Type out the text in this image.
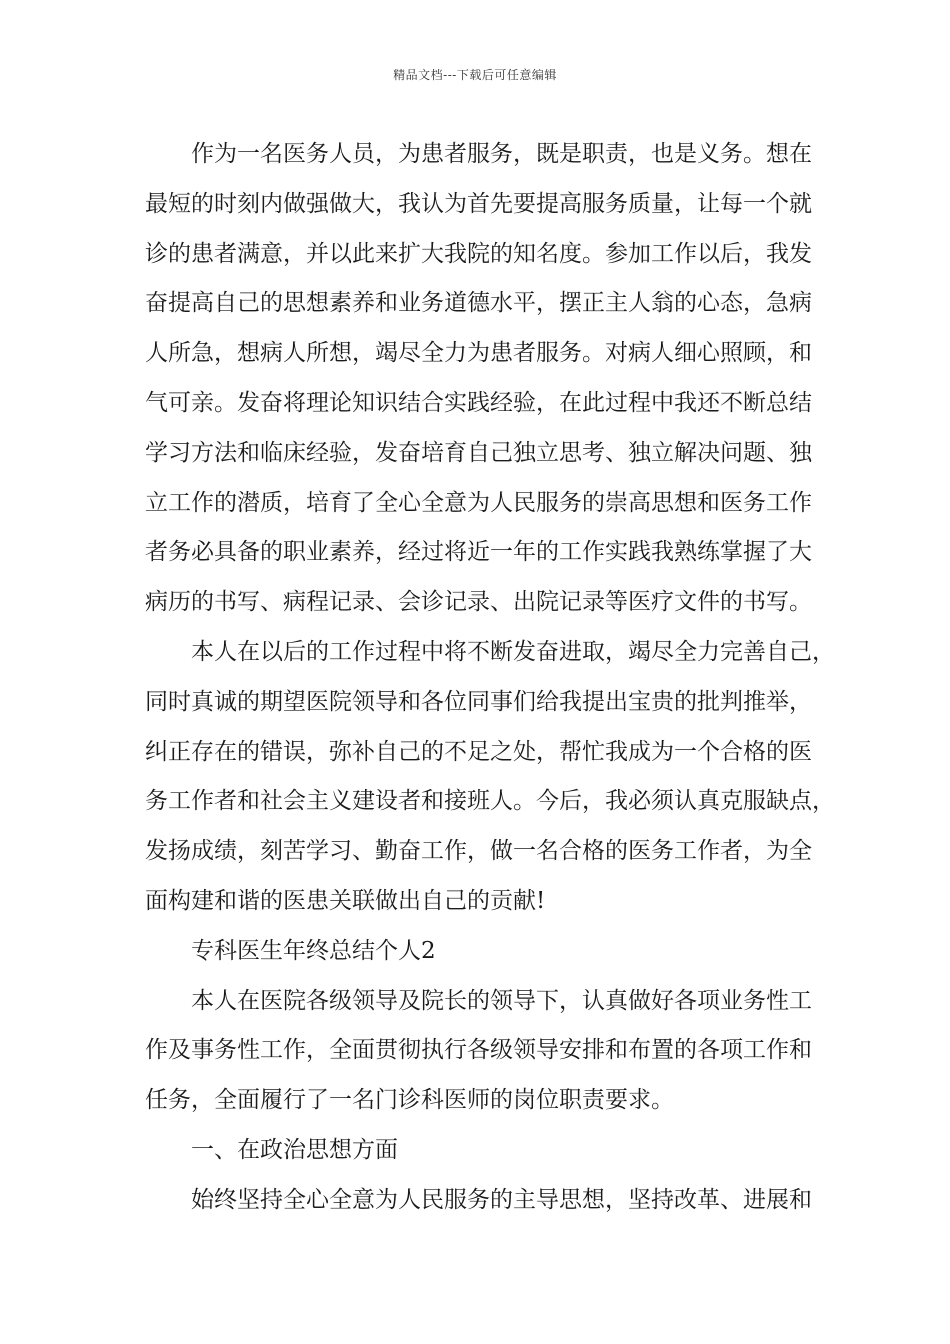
精品文档---下载后可任意编辑
作为一名医务人员，为患者服务，既是职责，也是义务。想在
最短的时刻内做强做大，我认为首先要提高服务质量，让每一个就
诊的患者满意，并以此来扩大我院的知名度。参加工作以后，我发
奋提高自己的思想素养和业务道德水平，摆正主人翁的心态，急病
人所急，想病人所想，竭尽全力为患者服务。对病人细心照顾，和
气可亲。发奋将理论知识结合实践经验，在此过程中我还不断总结
学习方法和临床经验，发奋培育自己独立思考、独立解决问题、独
立工作的潜质，培育了全心全意为人民服务的崇高思想和医务工作
者务必具备的职业素养，经过将近一年的工作实践我熟练掌握了大
病历的书写、病程记录、会诊记录、出院记录等医疗文件的书写。
本人在以后的工作过程中将不断发奋进取，竭尽全力完善自己，
同时真诚的期望医院领导和各位同事们给我提出宝贵的批判推举，
纠正存在的错误，弥补自己的不足之处，帮忙我成为一个合格的医
务工作者和社会主义建设者和接班人。今后，我必须认真克服缺点，
发扬成绩，刻苦学习、勤奋工作，做一名合格的医务工作者，为全
面构建和谐的医患关联做出自己的贡献!
专科医生年终总结个人2
本人在医院各级领导及院长的领导下，认真做好各项业务性工
作及事务性工作，全面贯彻执行各级领导安排和布置的各项工作和
任务，全面履行了一名门诊科医师的岗位职责要求。
一、在政治思想方面
始终坚持全心全意为人民服务的主导思想，坚持改革、进展和
